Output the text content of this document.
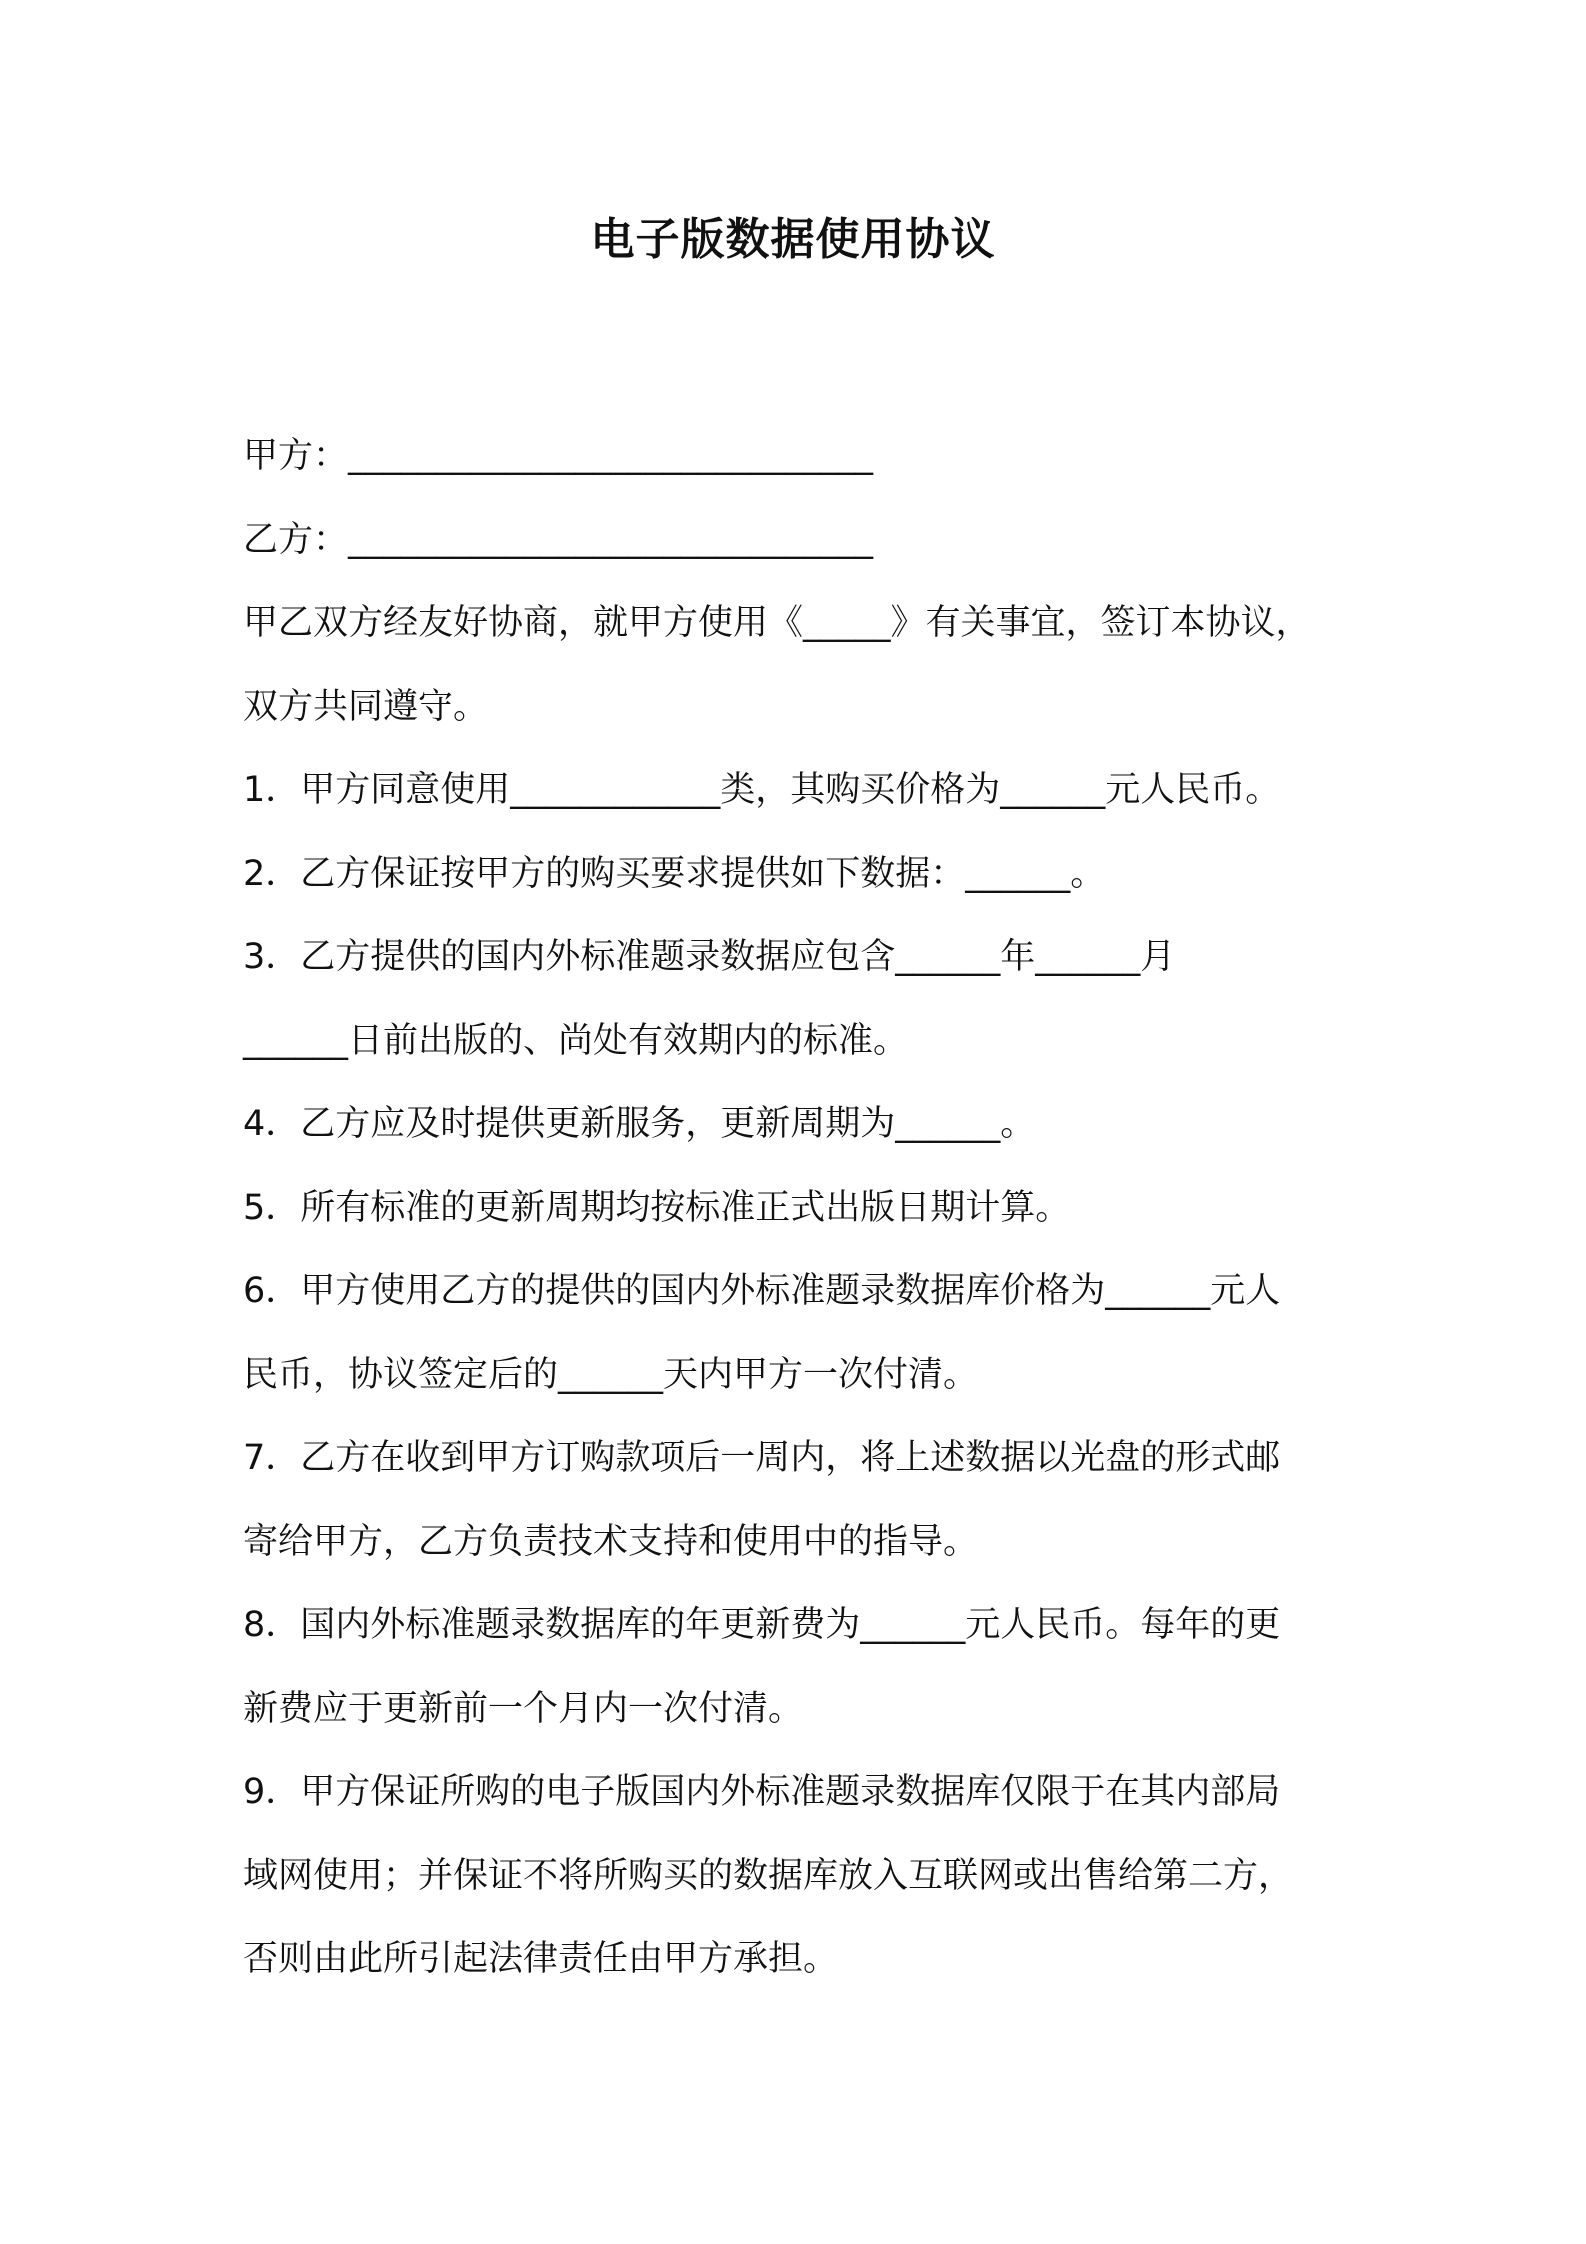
电子版数据使用协议

甲方：______________________________

乙方：______________________________

甲乙双方经友好协商，就甲方使用《_____》有关事宜，签订本协议，

双方共同遵守。

1．甲方同意使用____________类，其购买价格为______元人民币。

2．乙方保证按甲方的购买要求提供如下数据：______。

3．乙方提供的国内外标准题录数据应包含______年______月

______日前出版的、尚处有效期内的标准。

4．乙方应及时提供更新服务，更新周期为______。

5．所有标准的更新周期均按标准正式出版日期计算。

6．甲方使用乙方的提供的国内外标准题录数据库价格为______元人

民币，协议签定后的______天内甲方一次付清。

7．乙方在收到甲方订购款项后一周内，将上述数据以光盘的形式邮

寄给甲方，乙方负责技术支持和使用中的指导。

8．国内外标准题录数据库的年更新费为______元人民币。每年的更

新费应于更新前一个月内一次付清。

9．甲方保证所购的电子版国内外标准题录数据库仅限于在其内部局

域网使用；并保证不将所购买的数据库放入互联网或出售给第二方，

否则由此所引起法律责任由甲方承担。
